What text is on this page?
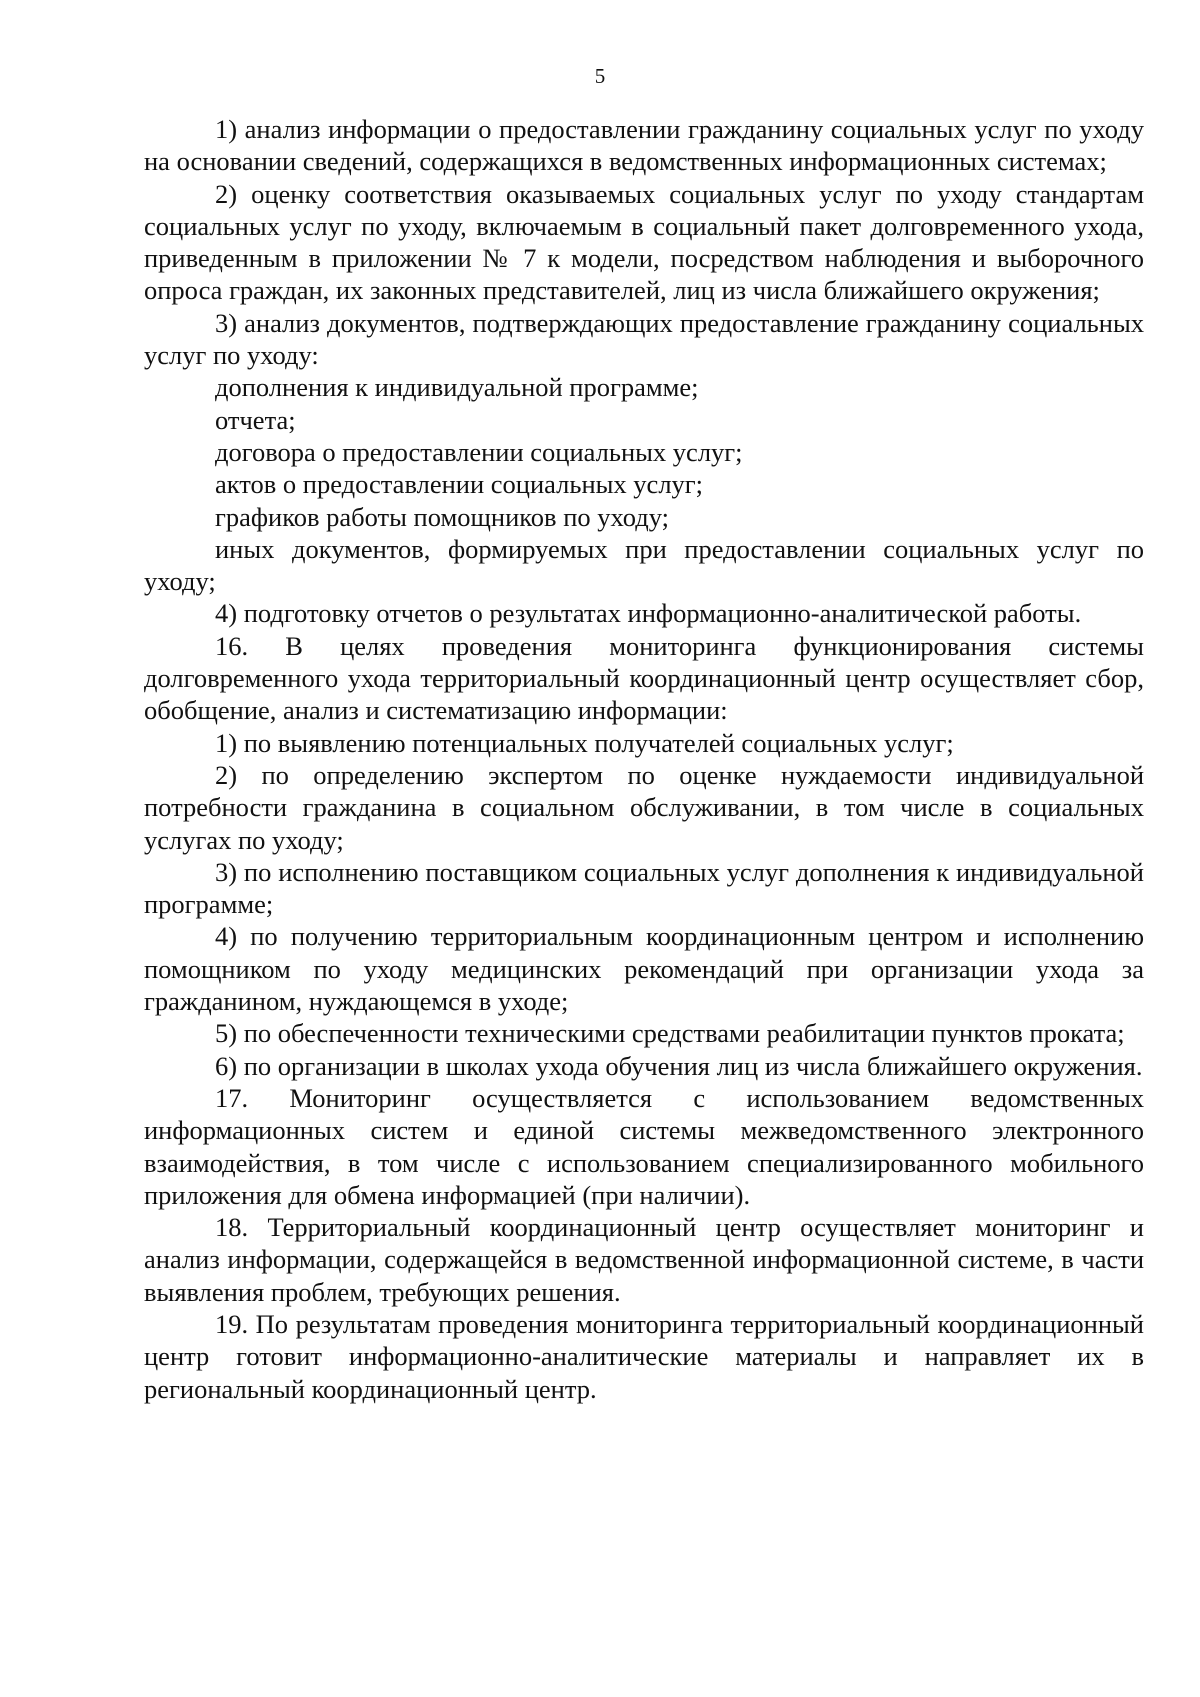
5

1) анализ информации о предоставлении гражданину социальных услуг по уходу на основании сведений, содержащихся в ведомственных информационных системах;

2) оценку соответствия оказываемых социальных услуг по уходу стандартам социальных услуг по уходу, включаемым в социальный пакет долговременного ухода, приведенным в приложении № 7 к модели, посредством наблюдения и выборочного опроса граждан, их законных представителей, лиц из числа ближайшего окружения;

3) анализ документов, подтверждающих предоставление гражданину социальных услуг по уходу:

дополнения к индивидуальной программе;

отчета;

договора о предоставлении социальных услуг;

актов о предоставлении социальных услуг;

графиков работы помощников по уходу;

иных документов, формируемых при предоставлении социальных услуг по уходу;

4) подготовку отчетов о результатах информационно-аналитической работы.

16. В целях проведения мониторинга функционирования системы долговременного ухода территориальный координационный центр осуществляет сбор, обобщение, анализ и систематизацию информации:

1) по выявлению потенциальных получателей социальных услуг;

2) по определению экспертом по оценке нуждаемости индивидуальной потребности гражданина в социальном обслуживании, в том числе в социальных услугах по уходу;

3) по исполнению поставщиком социальных услуг дополнения к индивидуальной программе;

4) по получению территориальным координационным центром и исполнению помощником по уходу медицинских рекомендаций при организации ухода за гражданином, нуждающемся в уходе;

5) по обеспеченности техническими средствами реабилитации пунктов проката;

6) по организации в школах ухода обучения лиц из числа ближайшего окружения.

17. Мониторинг осуществляется с использованием ведомственных информационных систем и единой системы межведомственного электронного взаимодействия, в том числе с использованием специализированного мобильного приложения для обмена информацией (при наличии).

18. Территориальный координационный центр осуществляет мониторинг и анализ информации, содержащейся в ведомственной информационной системе, в части выявления проблем, требующих решения.

19. По результатам проведения мониторинга территориальный координационный центр готовит информационно-аналитические материалы и направляет их в региональный координационный центр.
